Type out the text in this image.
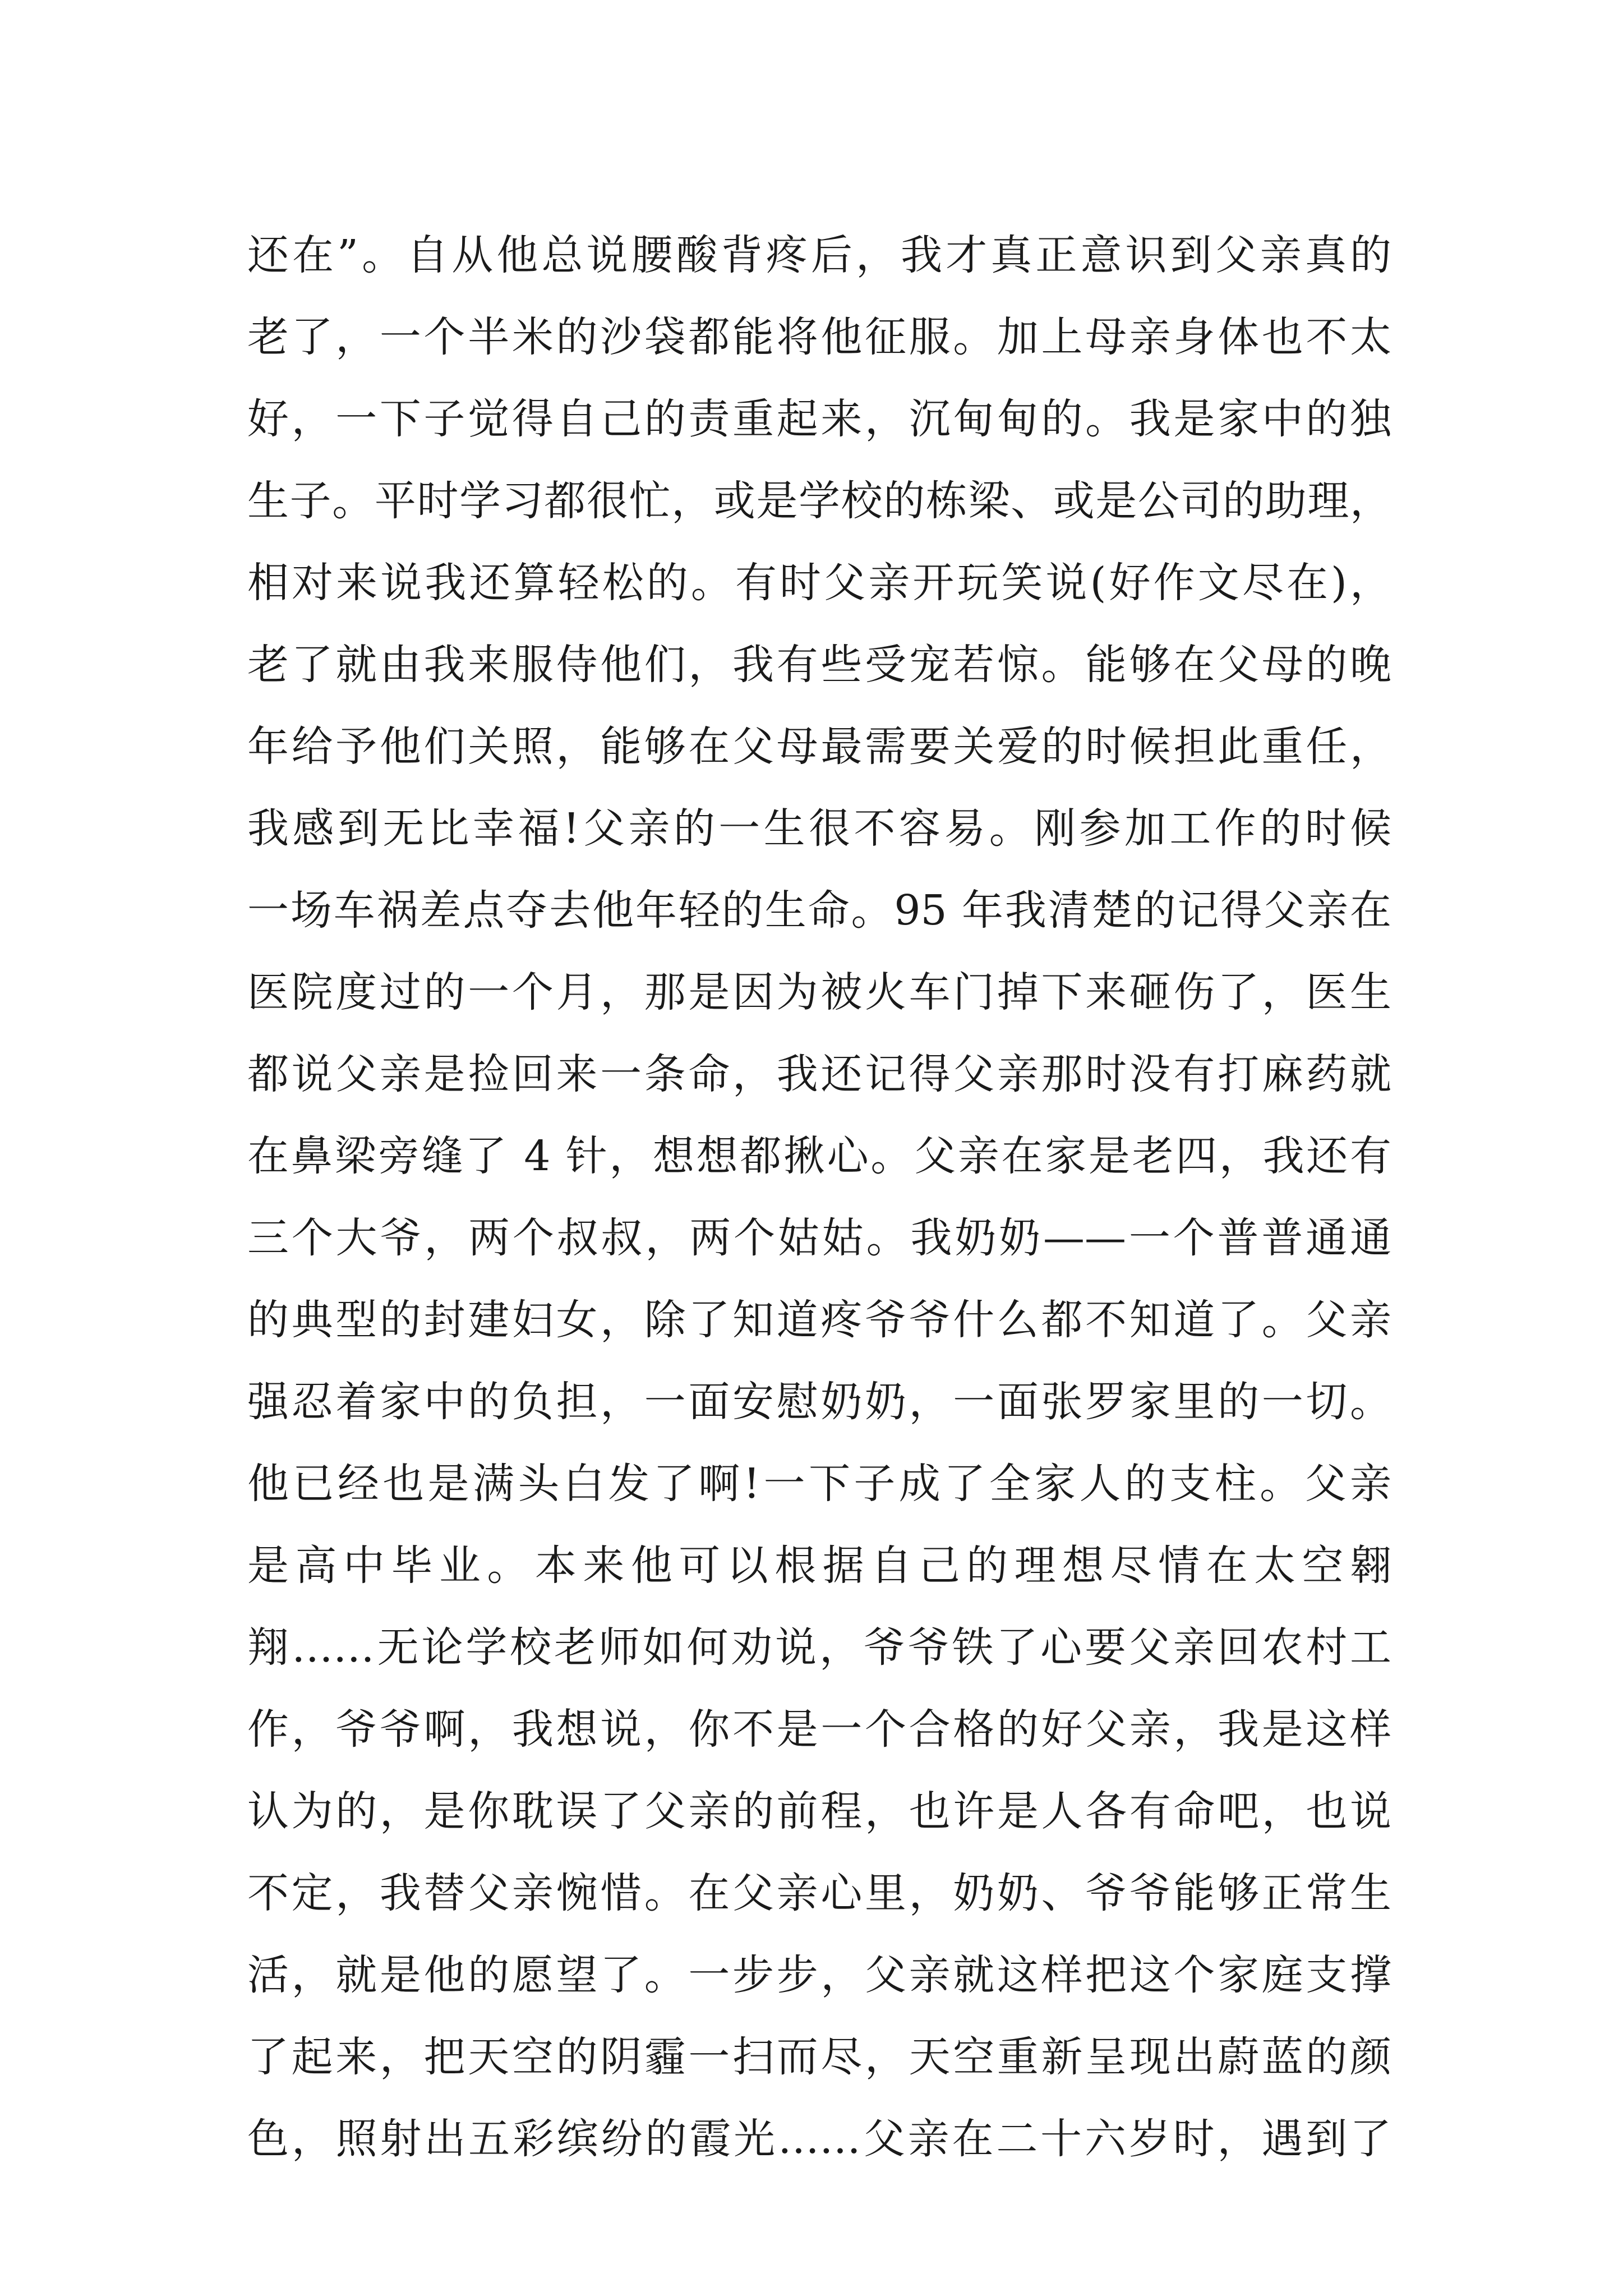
还在”。自从他总说腰酸背疼后，我才真正意识到父亲真的
老了，一个半米的沙袋都能将他征服。加上母亲身体也不太
好，一下子觉得自己的责重起来，沉甸甸的。我是家中的独
生子。平时学习都很忙，或是学校的栋梁、或是公司的助理，
相对来说我还算轻松的。有时父亲开玩笑说(好作文尽在)，
老了就由我来服侍他们，我有些受宠若惊。能够在父母的晚
年给予他们关照，能够在父母最需要关爱的时候担此重任，
我感到无比幸福!父亲的一生很不容易。刚参加工作的时候
一场车祸差点夺去他年轻的生命。95 年我清楚的记得父亲在
医院度过的一个月，那是因为被火车门掉下来砸伤了，医生
都说父亲是捡回来一条命，我还记得父亲那时没有打麻药就
在鼻梁旁缝了 4 针，想想都揪心。父亲在家是老四，我还有
三个大爷，两个叔叔，两个姑姑。我奶奶——一个普普通通
的典型的封建妇女，除了知道疼爷爷什么都不知道了。父亲
强忍着家中的负担，一面安慰奶奶，一面张罗家里的一切。
他已经也是满头白发了啊!一下子成了全家人的支柱。父亲
是高中毕业。本来他可以根据自己的理想尽情在太空翱
翔……无论学校老师如何劝说，爷爷铁了心要父亲回农村工
作，爷爷啊，我想说，你不是一个合格的好父亲，我是这样
认为的，是你耽误了父亲的前程，也许是人各有命吧，也说
不定，我替父亲惋惜。在父亲心里，奶奶、爷爷能够正常生
活，就是他的愿望了。一步步，父亲就这样把这个家庭支撑
了起来，把天空的阴霾一扫而尽，天空重新呈现出蔚蓝的颜
色，照射出五彩缤纷的霞光……父亲在二十六岁时，遇到了
